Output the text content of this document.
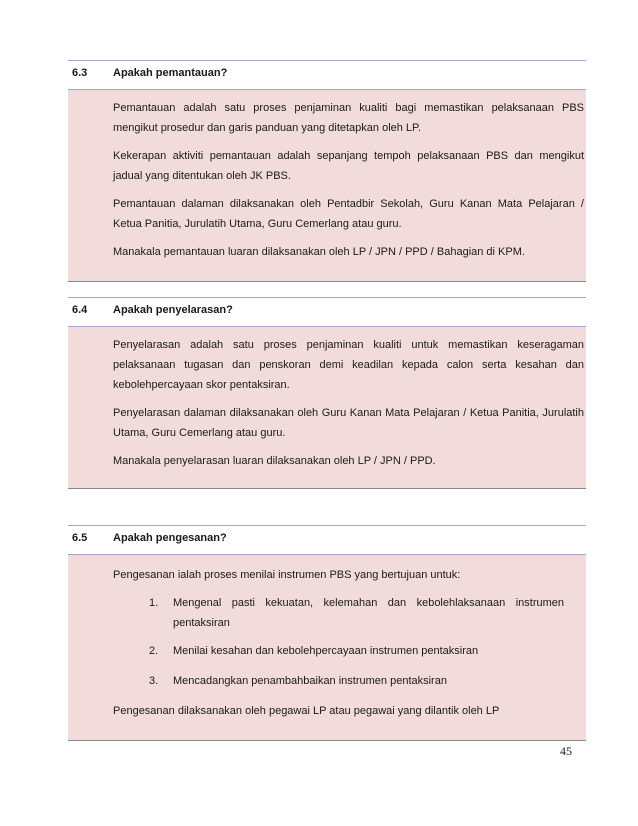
6.3 Apakah pemantauan?

Pemantauan adalah satu proses penjaminan kualiti bagi memastikan pelaksanaan PBS mengikut prosedur dan garis panduan yang ditetapkan oleh LP.

Kekerapan aktiviti pemantauan adalah sepanjang tempoh pelaksanaan PBS dan mengikut jadual yang ditentukan oleh JK PBS.

Pemantauan dalaman dilaksanakan oleh Pentadbir Sekolah, Guru Kanan Mata Pelajaran / Ketua Panitia, Jurulatih Utama, Guru Cemerlang atau guru.

Manakala pemantauan luaran dilaksanakan oleh LP / JPN / PPD / Bahagian di KPM.

6.4 Apakah penyelarasan?

Penyelarasan adalah satu proses penjaminan kualiti untuk memastikan keseragaman pelaksanaan tugasan dan penskoran demi keadilan kepada calon serta kesahan dan kebolehpercayaan skor pentaksiran.

Penyelarasan dalaman dilaksanakan oleh Guru Kanan Mata Pelajaran / Ketua Panitia, Jurulatih Utama, Guru Cemerlang atau guru.

Manakala penyelarasan luaran dilaksanakan oleh LP / JPN / PPD.

6.5 Apakah pengesanan?

Pengesanan ialah proses menilai instrumen PBS yang bertujuan untuk:

1. Mengenal pasti kekuatan, kelemahan dan kebolehlaksanaan instrumen pentaksiran
2. Menilai kesahan dan kebolehpercayaan instrumen pentaksiran
3. Mencadangkan penambahbaikan instrumen pentaksiran

Pengesanan dilaksanakan oleh pegawai LP atau pegawai yang dilantik oleh LP

45
